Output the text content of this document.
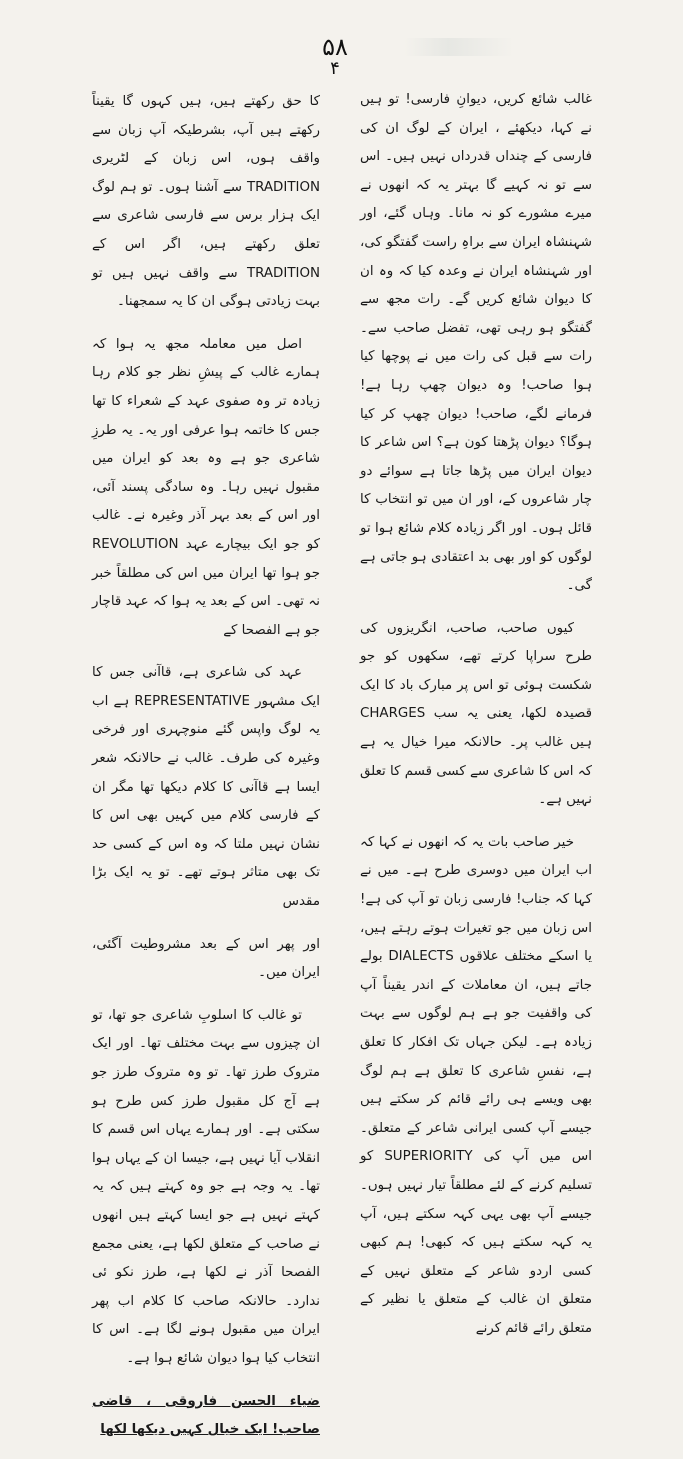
۵۸
۴

غالب شائع کریں، دیوانِ فارسی! تو ہیں نے کہا، دیکھئے ، ایران کے لوگ ان کی فارسی کے چنداں قدرداں نہیں ہیں۔ اس سے تو نہ کہیے گا بہتر یہ کہ انھوں نے میرے مشورے کو نہ مانا۔ وہاں گئے، اور شہنشاہ ایران سے براہِ راست گفتگو کی، اور شہنشاہ ایران نے وعدہ کیا کہ وہ ان کا دیوان شائع کریں گے۔ رات مجھ سے گفتگو ہو رہی تھی، تفضل صاحب سے۔ رات سے قبل کی رات میں نے پوچھا کیا ہوا صاحب! وہ دیوان چھپ رہا ہے! فرمانے لگے، صاحب! دیوان چھپ کر کیا ہوگا؟ دیوان پڑھتا کون ہے؟ اس شاعر کا دیوان ایران میں پڑھا جاتا ہے سوائے دو چار شاعروں کے، اور ان میں تو انتخاب کا قائل ہوں۔ اور اگر زیادہ کلام شائع ہوا تو لوگوں کو اور بھی بد اعتقادی ہو جاتی ہے گی۔

کیوں صاحب، صاحب، انگریزوں کی طرح سراپا کرتے تھے، سکھوں کو جو شکست ہوئی تو اس پر مبارک باد کا ایک قصیدہ لکھا، یعنی یہ سب CHARGES ہیں غالب پر۔ حالانکہ میرا خیال یہ ہے کہ اس کا شاعری سے کسی قسم کا تعلق نہیں ہے۔

خیر صاحب بات یہ کہ انھوں نے کہا کہ اب ایران میں دوسری طرح ہے۔ میں نے کہا کہ جناب! فارسی زبان تو آپ کی ہے! اس زبان میں جو تغیرات ہوتے رہتے ہیں، یا اسکے مختلف علاقوں DIALECTS بولے جاتے ہیں، ان معاملات کے اندر یقیناً آپ کی واقفیت جو ہے ہم لوگوں سے بہت زیادہ ہے۔ لیکن جہاں تک افکار کا تعلق ہے، نفسِ شاعری کا تعلق ہے ہم لوگ بھی ویسے ہی رائے قائم کر سکتے ہیں جیسے آپ کسی ایرانی شاعر کے متعلق۔ اس میں آپ کی SUPERIORITY کو تسلیم کرنے کے لئے مطلقاً تیار نہیں ہوں۔ جیسے آپ بھی یہی کہہ سکتے ہیں، آپ یہ کہہ سکتے ہیں کہ کبھی! ہم کبھی کسی اردو شاعر کے متعلق نہیں کے متعلق ان غالب کے متعلق یا نظیر کے متعلق رائے قائم کرنے

کا حق رکھتے ہیں، ہیں کہوں گا یقیناً رکھتے ہیں آپ، بشرطیکہ آپ زبان سے واقف ہوں، اس زبان کے لٹریری TRADITION سے آشنا ہوں۔ تو ہم لوگ ایک ہزار برس سے فارسی شاعری سے تعلق رکھتے ہیں، اگر اس کے TRADITION سے واقف نہیں ہیں تو بہت زیادتی ہوگی ان کا یہ سمجھنا۔

اصل میں معاملہ مجھ یہ ہوا کہ ہمارے غالب کے پیشِ نظر جو کلام رہا زیادہ تر وہ صفوی عہد کے شعراء کا تھا جس کا خاتمہ ہوا عرفی اور یہ۔ یہ طرزِ شاعری جو ہے وہ بعد کو ایران میں مقبول نہیں رہا۔ وہ سادگی پسند آئی، اور اس کے بعد بہر آذر وغیرہ نے۔ غالب کو جو ایک بیچارے عہد REVOLUTION جو ہوا تھا ایران میں اس کی مطلقاً خبر نہ تھی۔ اس کے بعد یہ ہوا کہ عہد قاچار جو ہے الفصحا کے

عہد کی شاعری ہے، قاآنی جس کا ایک مشہور REPRESENTATIVE ہے اب یہ لوگ واپس گئے منوچہری اور فرخی وغیرہ کی طرف۔ غالب نے حالانکہ شعر ایسا ہے قاآنی کا کلام دیکھا تھا مگر ان کے فارسی کلام میں کہیں بھی اس کا نشان نہیں ملتا کہ وہ اس کے کسی حد تک بھی متاثر ہوتے تھے۔ تو یہ ایک بڑا مقدس

اور پھر اس کے بعد مشروطیت آگئی، ایران میں۔

تو غالب کا اسلوبِ شاعری جو تھا، تو ان چیزوں سے بہت مختلف تھا۔ اور ایک متروک طرز تھا۔ تو وہ متروک طرز جو ہے آج کل مقبول طرز کس طرح ہو سکتی ہے۔ اور ہمارے یہاں اس قسم کا انقلاب آیا نہیں ہے، جیسا ان کے یہاں ہوا تھا۔ یہ وجہ ہے جو وہ کہتے ہیں کہ یہ کہتے نہیں ہے جو ایسا کہتے ہیں انھوں نے صاحب کے متعلق لکھا ہے، یعنی مجمع الفصحا آذر نے لکھا ہے، طرز نکو ئی ندارد۔ حالانکہ صاحب کا کلام اب پھر ایران میں مقبول ہونے لگا ہے۔ اس کا انتخاب کیا ہوا دیوان شائع ہوا ہے۔

ضیاء الحسن فاروقی ، قاضی صاحب! ایک خیال کہیں دیکھا لکھا
